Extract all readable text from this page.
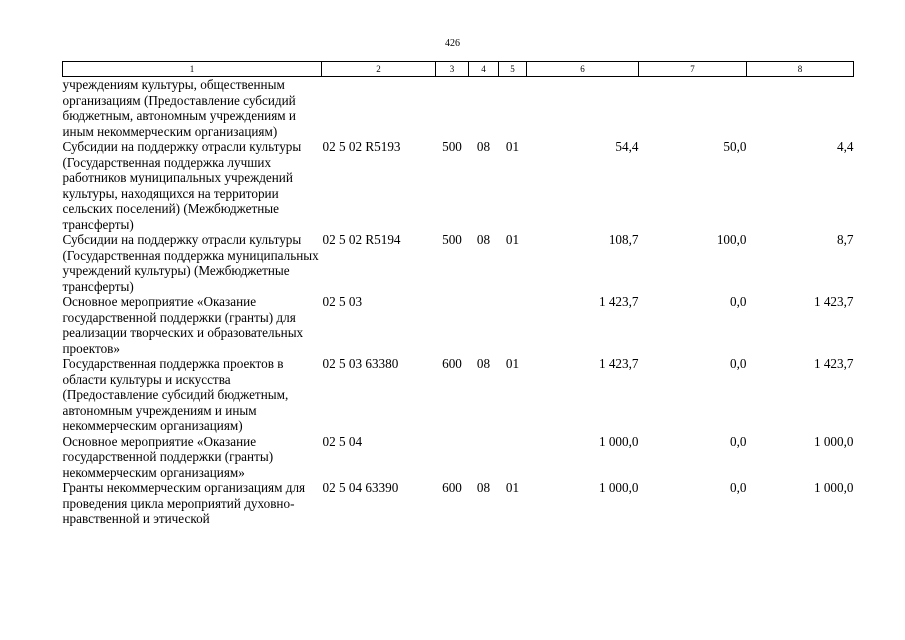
426
1	2	3	4	5	6	7	8
учреждениям культуры, общественным организациям (Предоставление субсидий бюджетным, автономным учреждениям и иным некоммерческим организациям)							
Субсидии на поддержку отрасли культуры (Государственная поддержка лучших работников муниципальных учреждений культуры, находящихся на территории сельских поселений) (Межбюджетные трансферты)	02 5 02 R5193	500	08	01	54,4	50,0	4,4
Субсидии на поддержку отрасли культуры (Государственная поддержка муниципальных учреждений культуры) (Межбюджетные трансферты)	02 5 02 R5194	500	08	01	108,7	100,0	8,7
Основное мероприятие «Оказание государственной поддержки (гранты) для реализации творческих и образовательных проектов»	02 5 03				1 423,7	0,0	1 423,7
Государственная поддержка проектов в области культуры и искусства (Предоставление субсидий бюджетным, автономным учреждениям и иным некоммерческим организациям)	02 5 03 63380	600	08	01	1 423,7	0,0	1 423,7
Основное мероприятие «Оказание государственной поддержки (гранты) некоммерческим организациям»	02 5 04				1 000,0	0,0	1 000,0
Гранты некоммерческим организациям для проведения цикла мероприятий духовно-нравственной и этической	02 5 04 63390	600	08	01	1 000,0	0,0	1 000,0
